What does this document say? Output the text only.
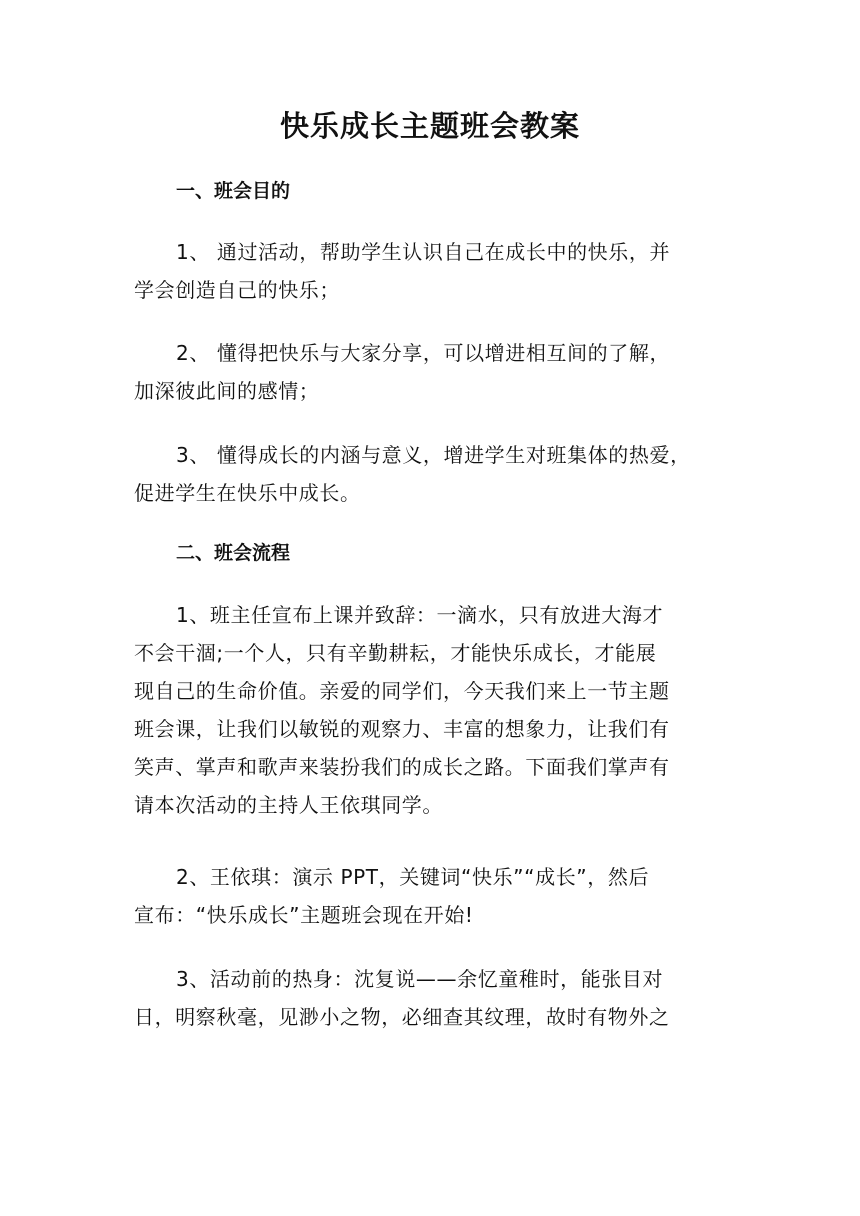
快乐成长主题班会教案
一、班会目的
1、 通过活动，帮助学生认识自己在成长中的快乐，并
学会创造自己的快乐；
2、 懂得把快乐与大家分享，可以增进相互间的了解，
加深彼此间的感情；
3、 懂得成长的内涵与意义，增进学生对班集体的热爱，
促进学生在快乐中成长。
二、班会流程
1、班主任宣布上课并致辞：一滴水，只有放进大海才
不会干涸;一个人，只有辛勤耕耘，才能快乐成长，才能展
现自己的生命价值。亲爱的同学们，今天我们来上一节主题
班会课，让我们以敏锐的观察力、丰富的想象力，让我们有
笑声、掌声和歌声来装扮我们的成长之路。下面我们掌声有
请本次活动的主持人王依琪同学。
2、王依琪：演示 PPT，关键词“快乐”“成长”，然后
宣布：“快乐成长”主题班会现在开始!
3、活动前的热身：沈复说——余忆童稚时，能张目对
日，明察秋毫，见渺小之物，必细查其纹理，故时有物外之
